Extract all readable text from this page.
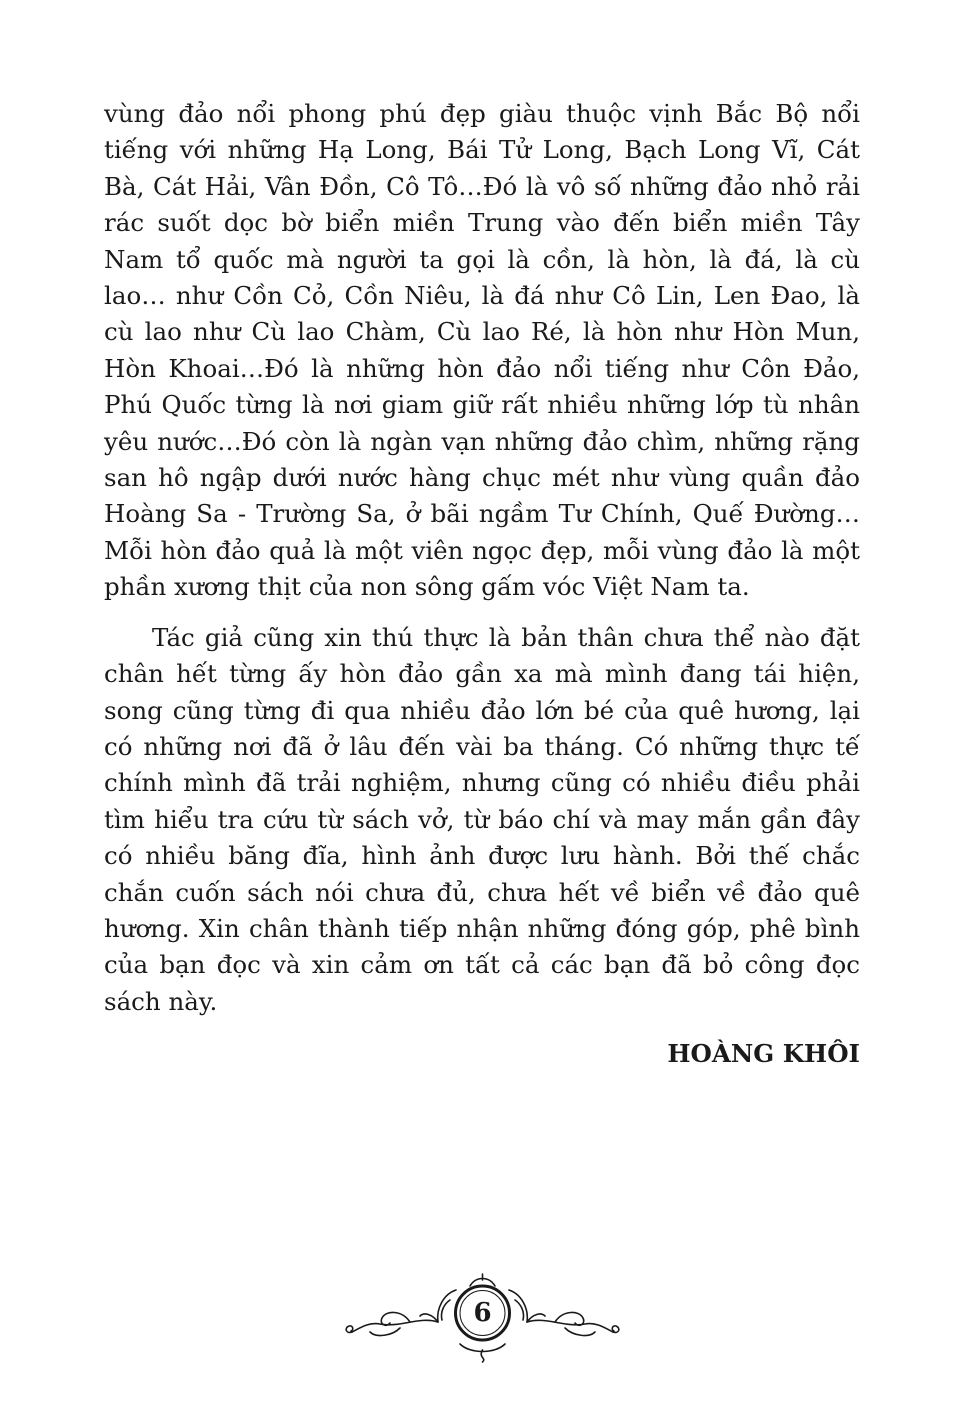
vùng đảo nổi phong phú đẹp giàu thuộc vịnh Bắc Bộ nổi tiếng với những Hạ Long, Bái Tử Long, Bạch Long Vĩ, Cát Bà, Cát Hải, Vân Đồn, Cô Tô…Đó là vô số những đảo nhỏ rải rác suốt dọc bờ biển miền Trung vào đến biển miền Tây Nam tổ quốc mà người ta gọi là cồn, là hòn, là đá, là cù lao… như Cồn Cỏ, Cồn Niêu, là đá như Cô Lin, Len Đao, là cù lao như Cù lao Chàm, Cù lao Ré, là hòn như Hòn Mun, Hòn Khoai…Đó là những hòn đảo nổi tiếng như Côn Đảo, Phú Quốc từng là nơi giam giữ rất nhiều những lớp tù nhân yêu nước…Đó còn là ngàn vạn những đảo chìm, những rặng san hô ngập dưới nước hàng chục mét như vùng quần đảo Hoàng Sa - Trường Sa, ở bãi ngầm Tư Chính, Quế Đường… Mỗi hòn đảo quả là một viên ngọc đẹp, mỗi vùng đảo là một phần xương thịt của non sông gấm vóc Việt Nam ta.

Tác giả cũng xin thú thực là bản thân chưa thể nào đặt chân hết từng ấy hòn đảo gần xa mà mình đang tái hiện, song cũng từng đi qua nhiều đảo lớn bé của quê hương, lại có những nơi đã ở lâu đến vài ba tháng. Có những thực tế chính mình đã trải nghiệm, nhưng cũng có nhiều điều phải tìm hiểu tra cứu từ sách vở, từ báo chí và may mắn gần đây có nhiều băng đĩa, hình ảnh được lưu hành. Bởi thế chắc chắn cuốn sách nói chưa đủ, chưa hết về biển về đảo quê hương. Xin chân thành tiếp nhận những đóng góp, phê bình của bạn đọc và xin cảm ơn tất cả các bạn đã bỏ công đọc sách này.

HOÀNG KHÔI

6
